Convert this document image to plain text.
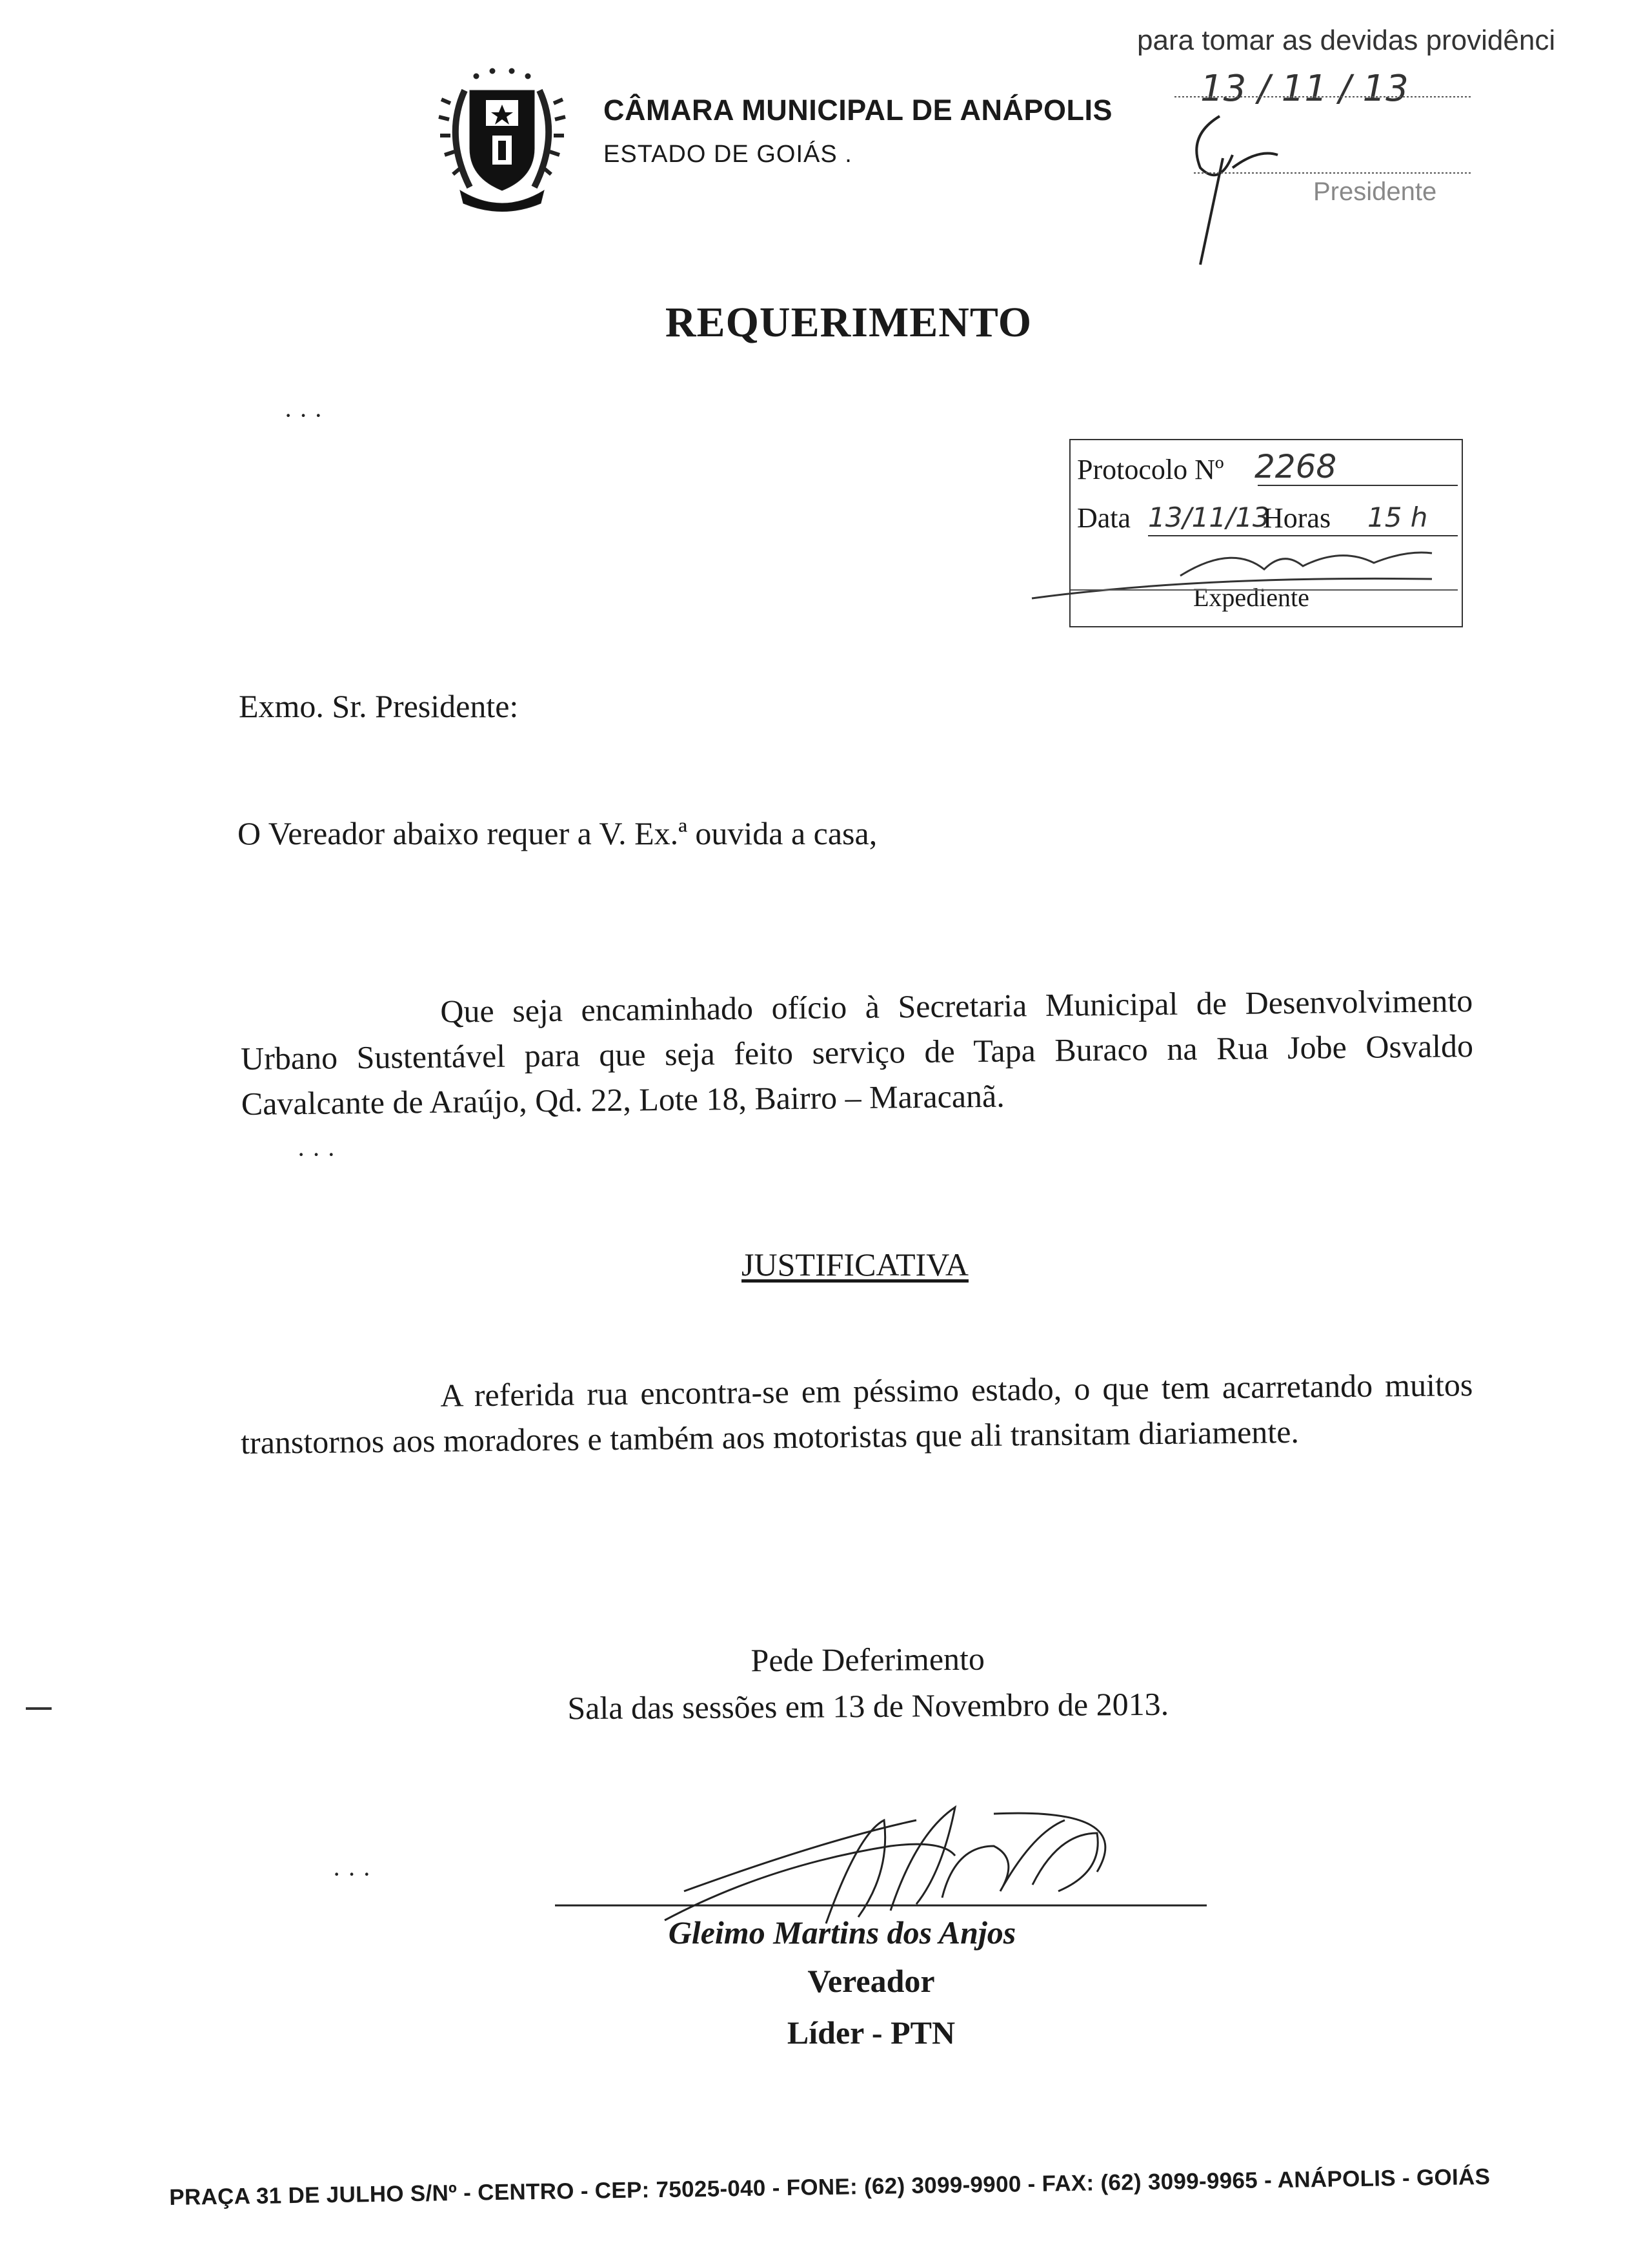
CÂMARA MUNICIPAL DE ANÁPOLIS
ESTADO DE GOIÁS .
para tomar as devidas providênci
13 / 11 / 13
Presidente
REQUERIMENTO
· · ·
Protocolo Nº 2268
Data 13/11/13
Horas 15 h
Expediente
Exmo. Sr. Presidente:
O Vereador abaixo requer a V. Ex.ª ouvida a casa,
Que seja encaminhado ofício à Secretaria Municipal de Desenvolvimento Urbano Sustentável para que seja feito serviço de Tapa Buraco na Rua Jobe Osvaldo Cavalcante de Araújo, Qd. 22, Lote 18, Bairro – Maracanã.
· · ·
JUSTIFICATIVA
A referida rua encontra-se em péssimo estado, o que tem acarretando muitos transtornos aos moradores e também aos motoristas que ali transitam diariamente.
Pede Deferimento
Sala das sessões em 13 de Novembro de 2013.
· · ·
Gleimo Martins dos Anjos
Vereador
Líder - PTN
PRAÇA 31 DE JULHO S/Nº - CENTRO - CEP: 75025-040 - FONE: (62) 3099-9900 - FAX: (62) 3099-9965 - ANÁPOLIS - GOIÁS
